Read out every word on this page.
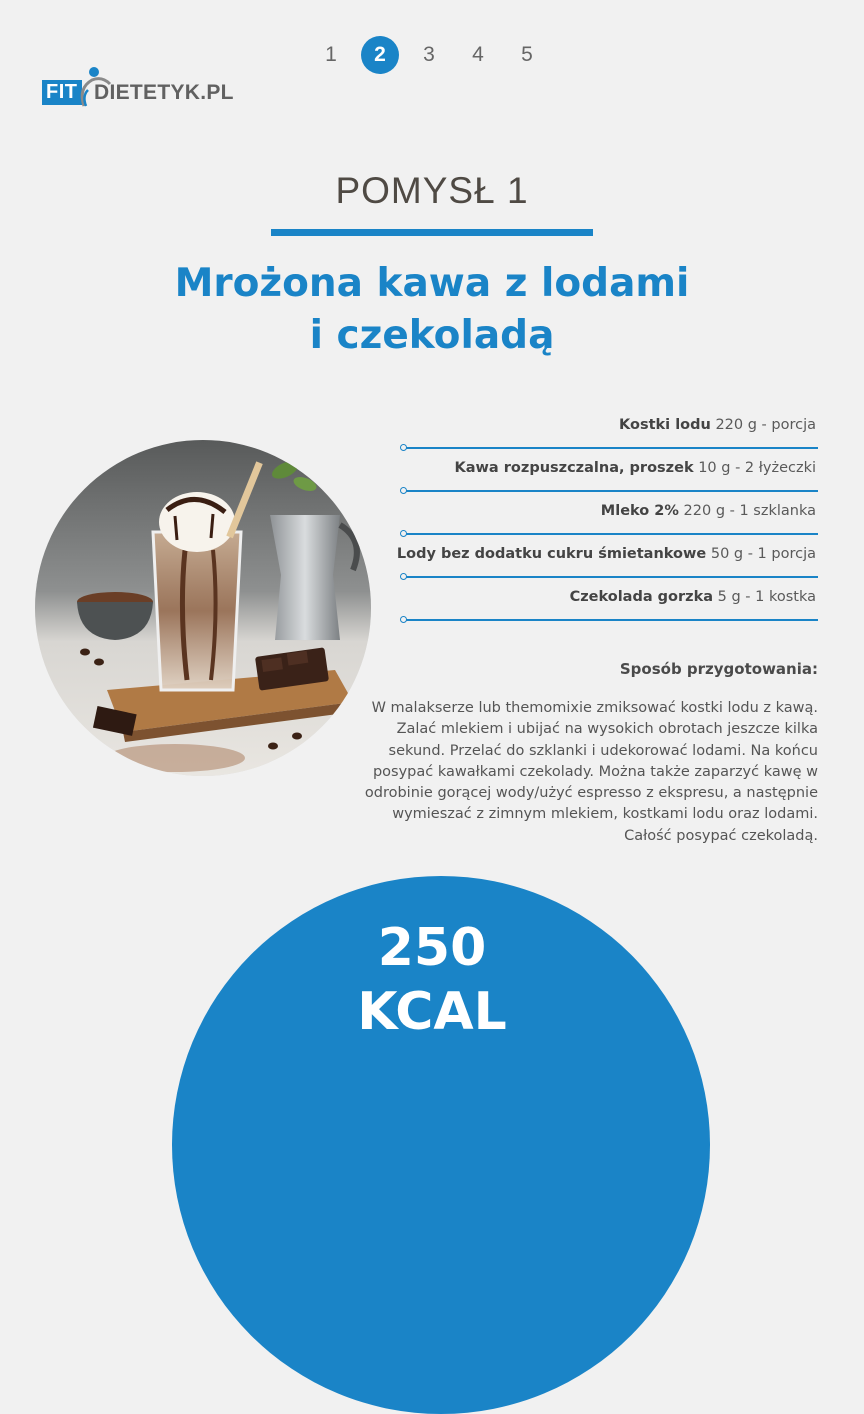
1	2	3	4	5
FIT DIETETYK.PL
POMYSŁ 1
Mrożona kawa z lodami
i czekoladą
Kostki lodu 220 g - porcja
Kawa rozpuszczalna, proszek 10 g - 2 łyżeczki
Mleko 2% 220 g - 1 szklanka
Lody bez dodatku cukru śmietankowe 50 g - 1 porcja
Czekolada gorzka 5 g - 1 kostka
Sposób przygotowania:
W malakserze lub themomixie zmiksować kostki lodu z kawą. Zalać mlekiem i ubijać na wysokich obrotach jeszcze kilka sekund. Przelać do szklanki i udekorować lodami. Na końcu posypać kawałkami czekolady. Można także zaparzyć kawę w odrobinie gorącej wody/użyć espresso z ekspresu, a następnie wymieszać z zimnym mlekiem, kostkami lodu oraz lodami. Całość posypać czekoladą.
250
KCAL
